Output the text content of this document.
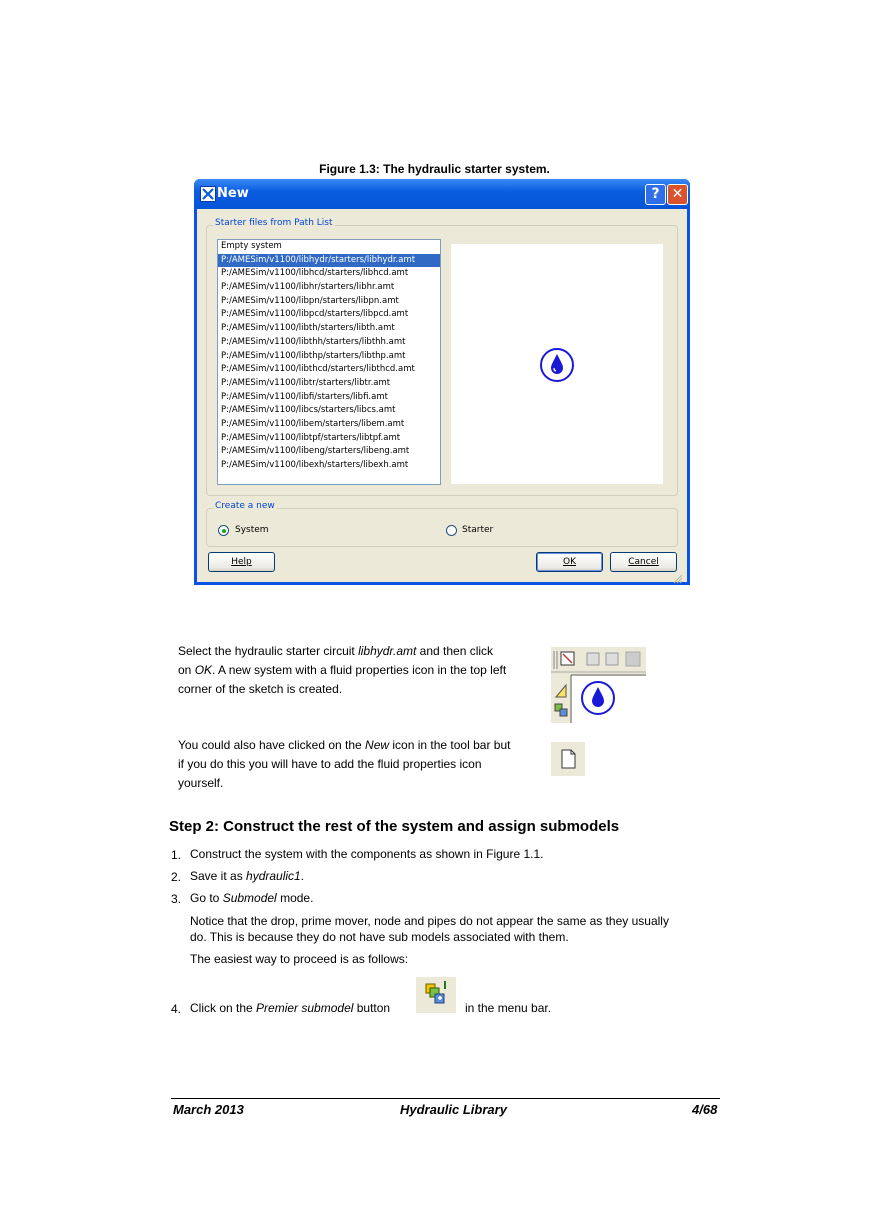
Figure 1.3: The hydraulic starter system.
New	? ✕
Starter files from Path List
Empty system
P:/AMESim/v1100/libhydr/starters/libhydr.amt
P:/AMESim/v1100/libhcd/starters/libhcd.amt
P:/AMESim/v1100/libhr/starters/libhr.amt
P:/AMESim/v1100/libpn/starters/libpn.amt
P:/AMESim/v1100/libpcd/starters/libpcd.amt
P:/AMESim/v1100/libth/starters/libth.amt
P:/AMESim/v1100/libthh/starters/libthh.amt
P:/AMESim/v1100/libthp/starters/libthp.amt
P:/AMESim/v1100/libthcd/starters/libthcd.amt
P:/AMESim/v1100/libtr/starters/libtr.amt
P:/AMESim/v1100/libfi/starters/libfi.amt
P:/AMESim/v1100/libcs/starters/libcs.amt
P:/AMESim/v1100/libem/starters/libem.amt
P:/AMESim/v1100/libtpf/starters/libtpf.amt
P:/AMESim/v1100/libeng/starters/libeng.amt
P:/AMESim/v1100/libexh/starters/libexh.amt
Create a new
System	Starter
Help	OK	Cancel
Select the hydraulic starter circuit libhydr.amt and then click
on OK. A new system with a fluid properties icon in the top left
corner of the sketch is created.
You could also have clicked on the New icon in the tool bar but
if you do this you will have to add the fluid properties icon
yourself.
Step 2: Construct the rest of the system and assign submodels
1. Construct the system with the components as shown in Figure 1.1.
2. Save it as hydraulic1.
3. Go to Submodel mode.
Notice that the drop, prime mover, node and pipes do not appear the same as they usually
do. This is because they do not have sub models associated with them.
The easiest way to proceed is as follows:
4. Click on the Premier submodel button	in the menu bar.
March 2013	Hydraulic Library	4/68
